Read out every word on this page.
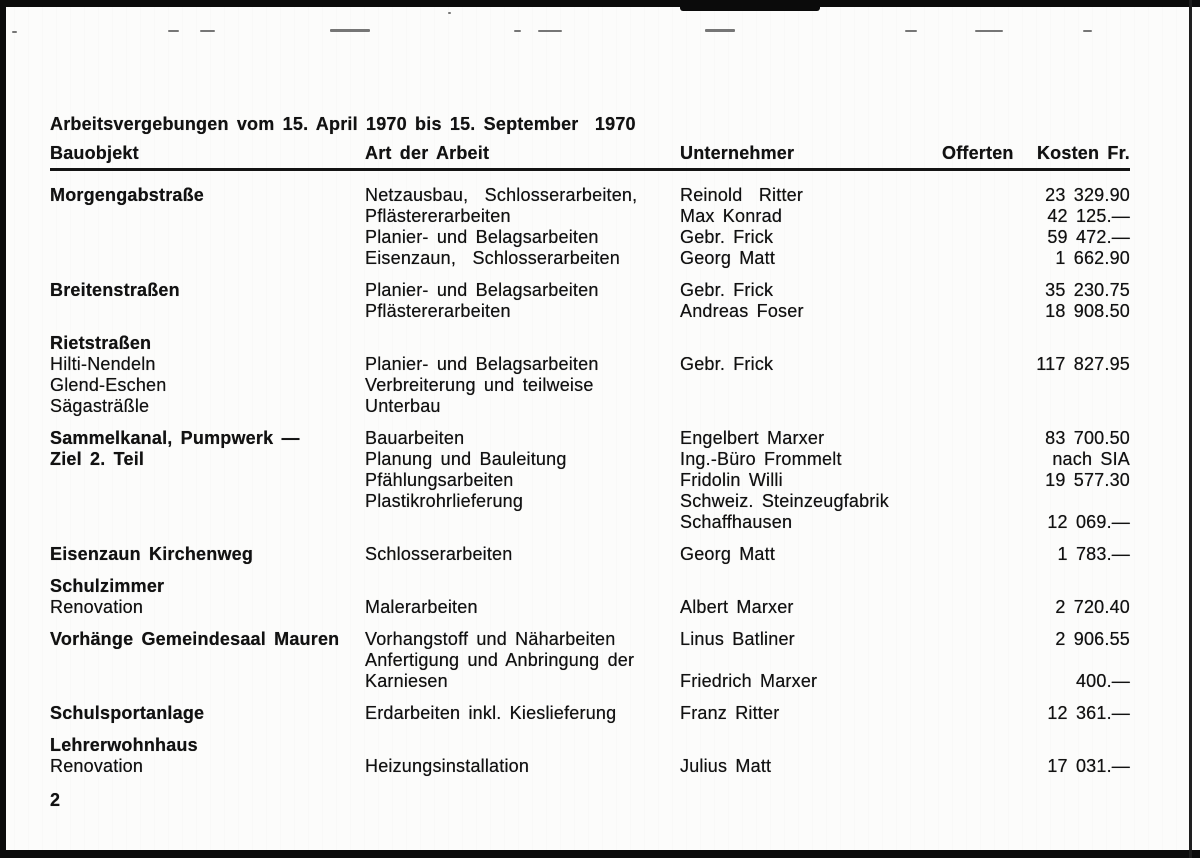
Arbeitsvergebungen vom 15. April 1970 bis 15. September  1970
Bauobjekt	Art der Arbeit	Unternehmer	Offerten Kosten Fr.
Morgengabstraße	Netzausbau,  Schlosserarbeiten,	Reinold  Ritter	23 329.90
Pflästererarbeiten	Max Konrad	42 125.—
Planier- und Belagsarbeiten	Gebr. Frick	59 472.—
Eisenzaun,  Schlosserarbeiten	Georg Matt	1 662.90
Breitenstraßen	Planier- und Belagsarbeiten	Gebr. Frick	35 230.75
Pflästererarbeiten	Andreas Foser	18 908.50
Rietstraßen
Hilti-Nendeln	Planier- und Belagsarbeiten	Gebr. Frick	117 827.95
Glend-Eschen	Verbreiterung und teilweise
Sägasträßle	Unterbau
Sammelkanal, Pumpwerk —	Bauarbeiten	Engelbert Marxer	83 700.50
Ziel 2. Teil	Planung und Bauleitung	Ing.-Büro Frommelt	nach SIA
Pfählungsarbeiten	Fridolin Willi	19 577.30
Plastikrohrlieferung	Schweiz. Steinzeugfabrik
Schaffhausen	12 069.—
Eisenzaun Kirchenweg	Schlosserarbeiten	Georg Matt	1 783.—
Schulzimmer
Renovation	Malerarbeiten	Albert Marxer	2 720.40
Vorhänge Gemeindesaal Mauren	Vorhangstoff und Näharbeiten	Linus Batliner	2 906.55
Anfertigung und Anbringung der
Karniesen	Friedrich Marxer	400.—
Schulsportanlage	Erdarbeiten inkl. Kieslieferung	Franz Ritter	12 361.—
Lehrerwohnhaus
Renovation	Heizungsinstallation	Julius Matt	17 031.—
2
